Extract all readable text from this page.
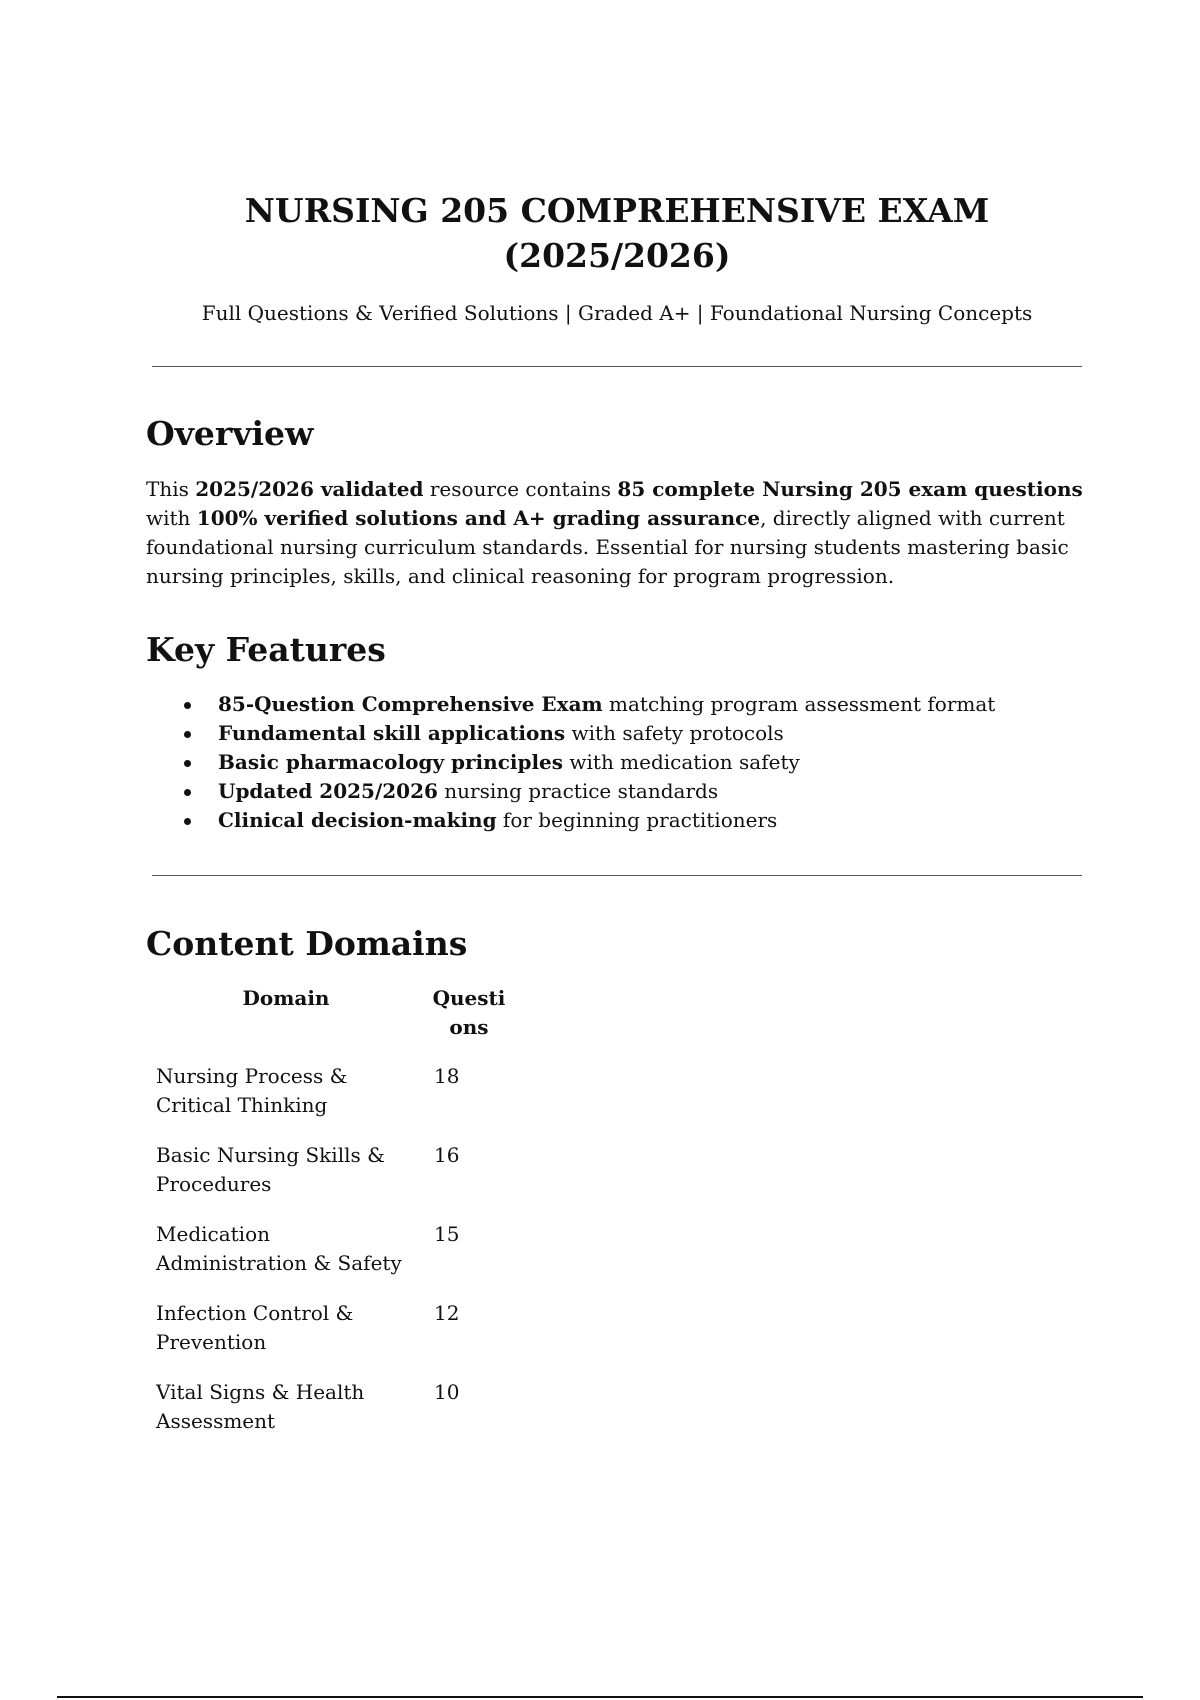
NURSING 205 COMPREHENSIVE EXAM (2025/2026)

Full Questions & Verified Solutions | Graded A+ | Foundational Nursing Concepts

Overview

This 2025/2026 validated resource contains 85 complete Nursing 205 exam questions with 100% verified solutions and A+ grading assurance, directly aligned with current foundational nursing curriculum standards. Essential for nursing students mastering basic nursing principles, skills, and clinical reasoning for program progression.

Key Features
85-Question Comprehensive Exam matching program assessment format
Fundamental skill applications with safety protocols
Basic pharmacology principles with medication safety
Updated 2025/2026 nursing practice standards
Clinical decision-making for beginning practitioners
Content Domains
Domain	Questions
Nursing Process & Critical Thinking	18
Basic Nursing Skills & Procedures	16
Medication Administration & Safety	15
Infection Control & Prevention	12
Vital Signs & Health Assessment	10
